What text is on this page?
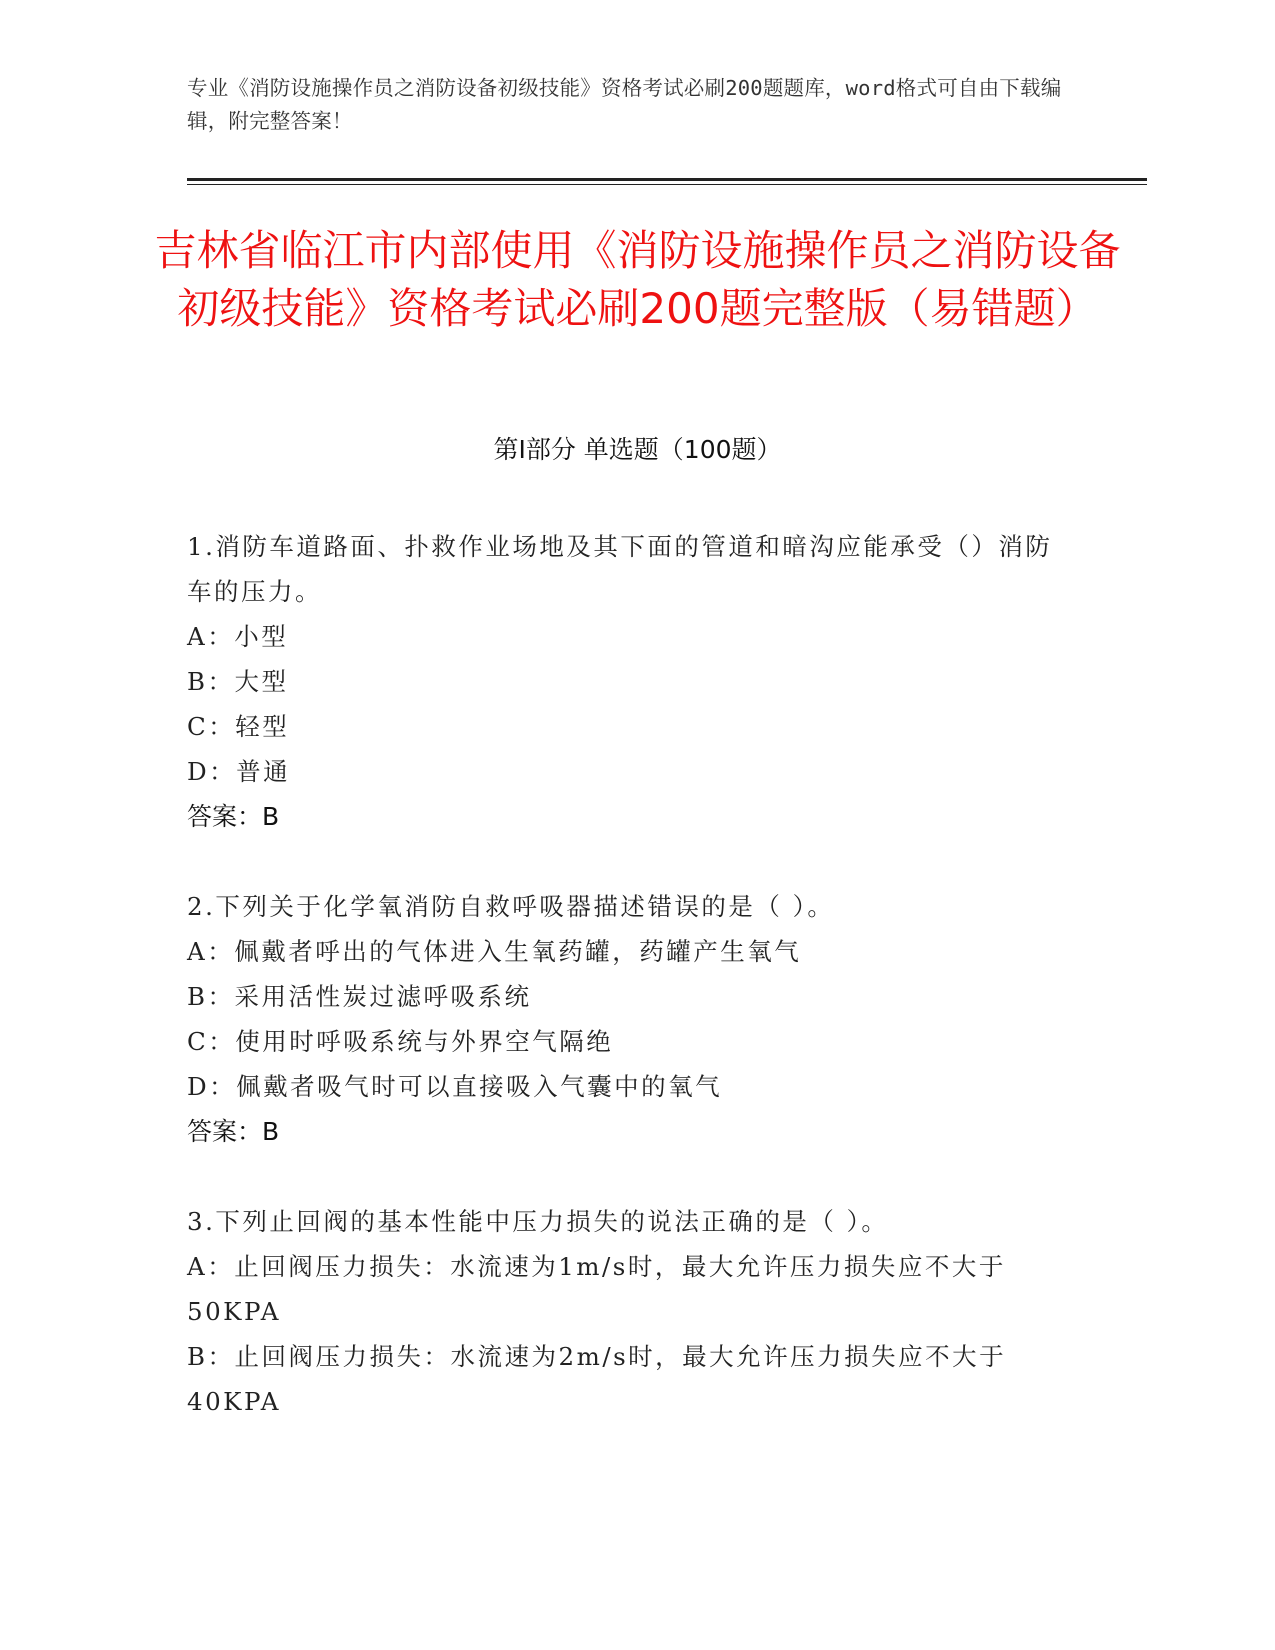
专业《消防设施操作员之消防设备初级技能》资格考试必刷200题题库，word格式可自由下载编辑，附完整答案！
吉林省临江市内部使用《消防设施操作员之消防设备初级技能》资格考试必刷200题完整版（易错题）
第Ⅰ部分 单选题（100题）
1.消防车道路面、扑救作业场地及其下面的管道和暗沟应能承受（）消防车的压力。
A：小型
B：大型
C：轻型
D：普通
答案：B
2.下列关于化学氧消防自救呼吸器描述错误的是（ ）。
A：佩戴者呼出的气体进入生氧药罐，药罐产生氧气
B：采用活性炭过滤呼吸系统
C：使用时呼吸系统与外界空气隔绝
D：佩戴者吸气时可以直接吸入气囊中的氧气
答案：B
3.下列止回阀的基本性能中压力损失的说法正确的是（ ）。
A：止回阀压力损失：水流速为1m/s时，最大允许压力损失应不大于50KPA
B：止回阀压力损失：水流速为2m/s时，最大允许压力损失应不大于40KPA
